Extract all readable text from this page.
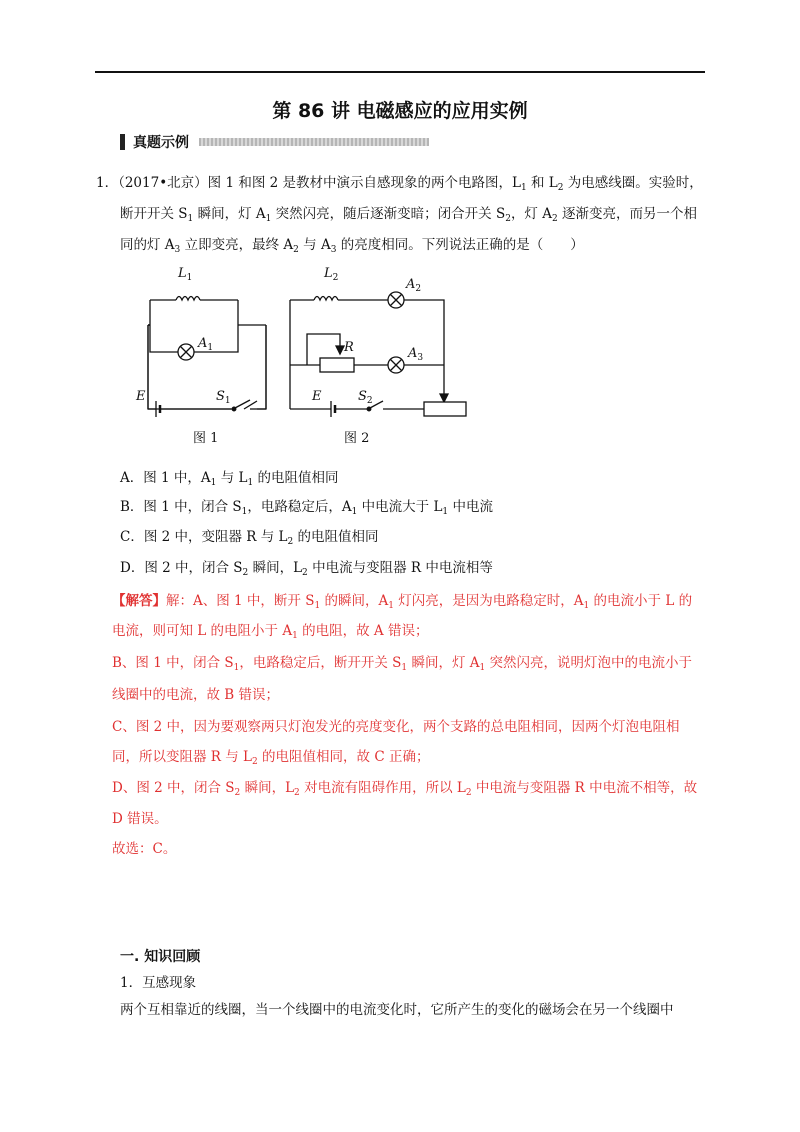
第 86 讲 电磁感应的应用实例
真题示例
1．（2017•北京）图 1 和图 2 是教材中演示自感现象的两个电路图，$L_1$ 和 $L_2$ 为电感线圈。实验时，
断开开关 $S_1$ 瞬间，灯 $A_1$ 突然闪亮，随后逐渐变暗；闭合开关 $S_2$，灯 $A_2$ 逐渐变亮，而另一个相
同的灯 $A_3$ 立即变亮，最终 $A_2$ 与 $A_3$ 的亮度相同。下列说法正确的是（　　）
$L_1$
$A_1$
E	$S_1$
$L_2$	$A_2$
R	$A_3$
E	$S_2$
图 1	图 2
A．图 1 中，$A_1$ 与 $L_1$ 的电阻值相同
B．图 1 中，闭合 $S_1$，电路稳定后，$A_1$ 中电流大于 $L_1$ 中电流
C．图 2 中，变阻器 R 与 $L_2$ 的电阻值相同
D．图 2 中，闭合 $S_2$ 瞬间，$L_2$ 中电流与变阻器 R 中电流相等
【解答】解：A、图 1 中，断开 $S_1$ 的瞬间，$A_1$ 灯闪亮，是因为电路稳定时，$A_1$ 的电流小于 L 的
电流，则可知 L 的电阻小于 $A_1$ 的电阻，故 A 错误；
B、图 1 中，闭合 $S_1$，电路稳定后，断开开关 $S_1$ 瞬间，灯 $A_1$ 突然闪亮，说明灯泡中的电流小于
线圈中的电流，故 B 错误；
C、图 2 中，因为要观察两只灯泡发光的亮度变化，两个支路的总电阻相同，因两个灯泡电阻相
同，所以变阻器 R 与 $L_2$ 的电阻值相同，故 C 正确；
D、图 2 中，闭合 $S_2$ 瞬间，$L_2$ 对电流有阻碍作用，所以 $L_2$ 中电流与变阻器 R 中电流不相等，故
D 错误。
故选：C。
一. 知识回顾
1．互感现象
两个互相靠近的线圈，当一个线圈中的电流变化时，它所产生的变化的磁场会在另一个线圈中
